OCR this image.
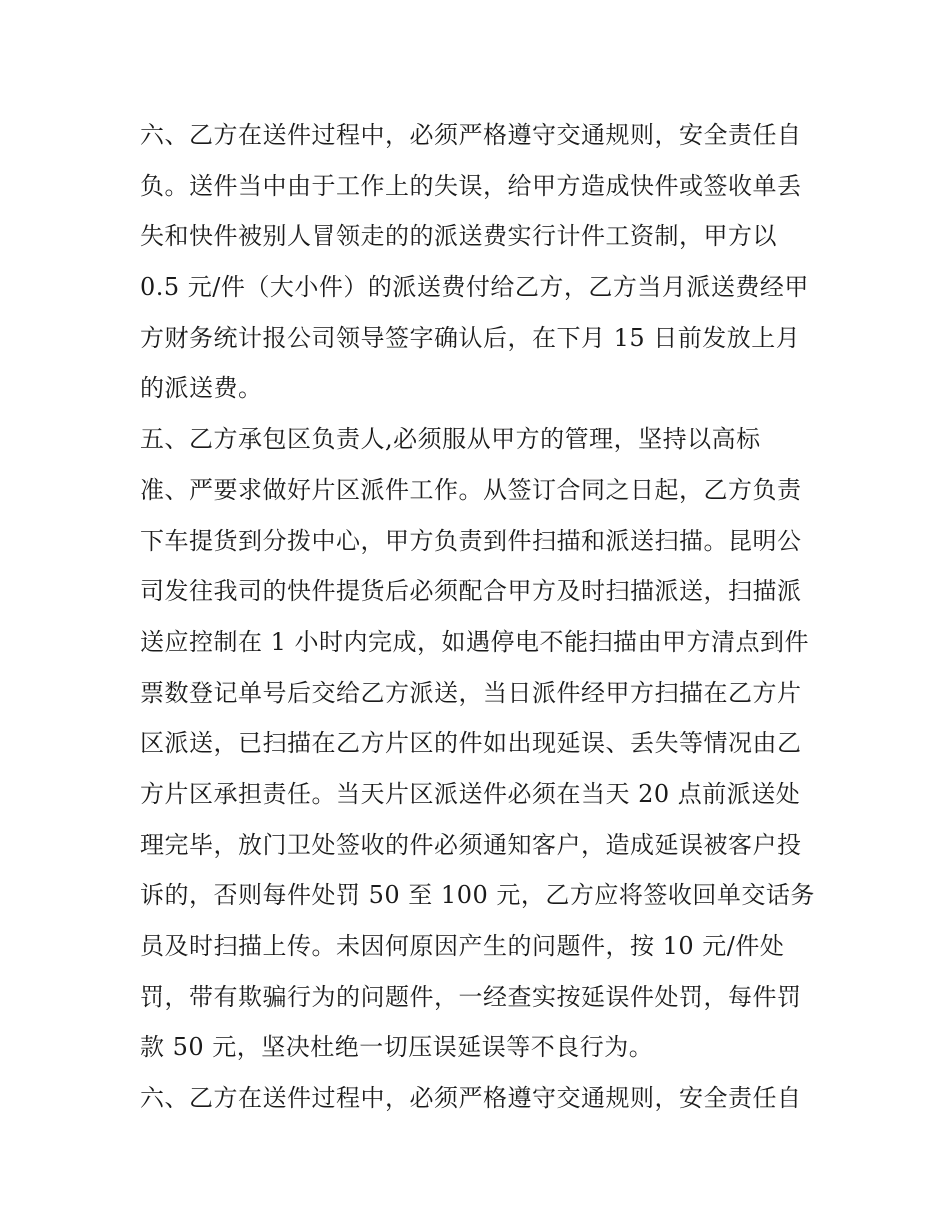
六、乙方在送件过程中，必须严格遵守交通规则，安全责任自
负。送件当中由于工作上的失误，给甲方造成快件或签收单丢
失和快件被别人冒领走的的派送费实行计件工资制，甲方以
0.5 元/件（大小件）的派送费付给乙方，乙方当月派送费经甲
方财务统计报公司领导签字确认后，在下月 15 日前发放上月
的派送费。
五、乙方承包区负责人,必须服从甲方的管理，坚持以高标
准、严要求做好片区派件工作。从签订合同之日起，乙方负责
下车提货到分拨中心，甲方负责到件扫描和派送扫描。昆明公
司发往我司的快件提货后必须配合甲方及时扫描派送，扫描派
送应控制在 1 小时内完成，如遇停电不能扫描由甲方清点到件
票数登记单号后交给乙方派送，当日派件经甲方扫描在乙方片
区派送，已扫描在乙方片区的件如出现延误、丢失等情况由乙
方片区承担责任。当天片区派送件必须在当天 20 点前派送处
理完毕，放门卫处签收的件必须通知客户，造成延误被客户投
诉的，否则每件处罚 50 至 100 元，乙方应将签收回单交话务
员及时扫描上传。未因何原因产生的问题件，按 10 元/件处
罚，带有欺骗行为的问题件，一经查实按延误件处罚，每件罚
款 50 元，坚决杜绝一切压误延误等不良行为。
六、乙方在送件过程中，必须严格遵守交通规则，安全责任自
